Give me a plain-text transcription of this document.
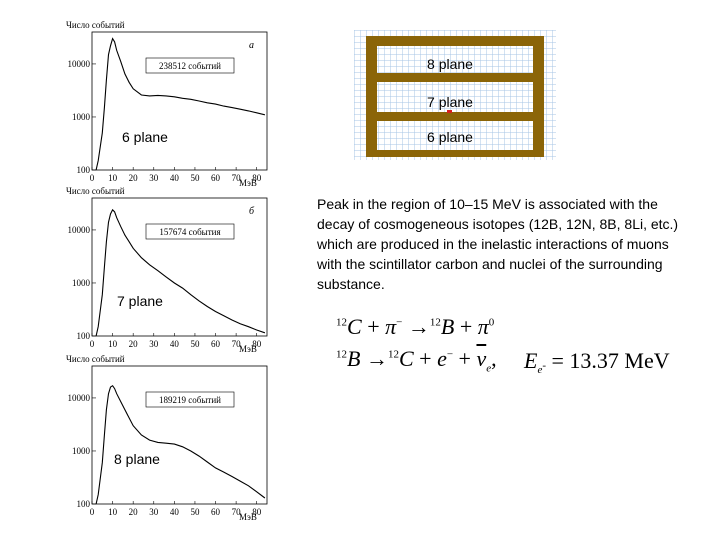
Число событий
МэВ
а
238512 событий
0 10 20 30 40 50 60 70 80
100
1000
10000
Число событий
МэВ
б
157674 события
0 10 20 30 40 50 60 70 80
100
1000
10000
Число событий
МэВ
189219 событий
0 10 20 30 40 50 60 70 80
100
1000
10000
6 plane
7 plane
8 plane
8 plane
7 plane
6 plane

Peak in the region of 10–15 MeV is associated with the decay of cosmogeneous isotopes (12B, 12N, 8B, 8Li, etc.) which are produced in the inelastic interactions of muons with the scintillator carbon and nuclei of the surrounding substance.

$^{12}C + \pi^- \to^{12}B + \pi^0$
$^{12}B \to^{12}C + e^- + \overline{\nu}_e$, $E_{e^-} = 13.37$ MeV
